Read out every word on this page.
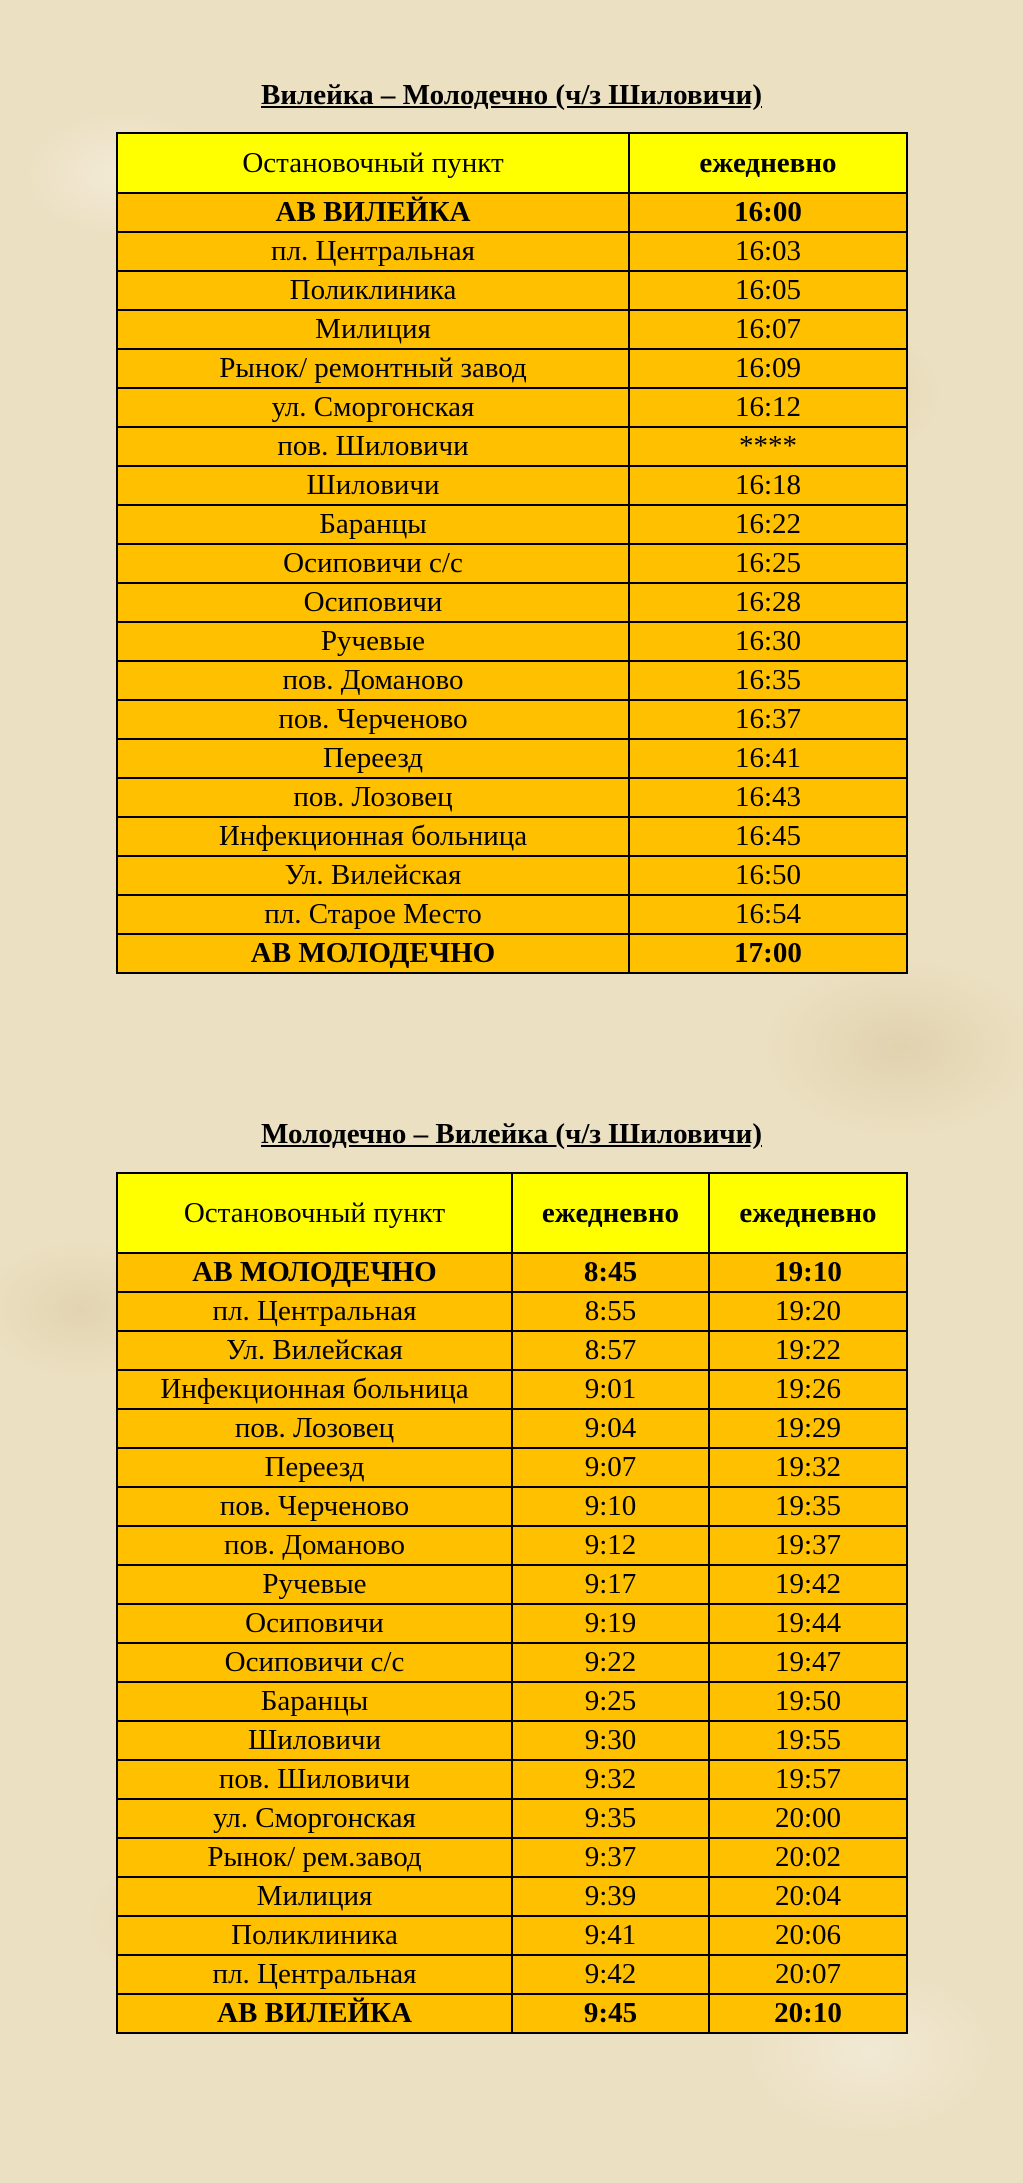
Вилейка – Молодечно (ч/з Шиловичи)
Остановочный пункт	ежедневно
АВ ВИЛЕЙКА	16:00
пл. Центральная	16:03
Поликлиника	16:05
Милиция	16:07
Рынок/ ремонтный завод	16:09
ул. Сморгонская	16:12
пов. Шиловичи	****
Шиловичи	16:18
Баранцы	16:22
Осиповичи с/с	16:25
Осиповичи	16:28
Ручевые	16:30
пов. Доманово	16:35
пов. Черченово	16:37
Переезд	16:41
пов. Лозовец	16:43
Инфекционная больница	16:45
Ул. Вилейская	16:50
пл. Старое Место	16:54
АВ МОЛОДЕЧНО	17:00
Молодечно – Вилейка (ч/з Шиловичи)
Остановочный пункт	ежедневно	ежедневно
АВ МОЛОДЕЧНО	8:45	19:10
пл. Центральная	8:55	19:20
Ул. Вилейская	8:57	19:22
Инфекционная больница	9:01	19:26
пов. Лозовец	9:04	19:29
Переезд	9:07	19:32
пов. Черченово	9:10	19:35
пов. Доманово	9:12	19:37
Ручевые	9:17	19:42
Осиповичи	9:19	19:44
Осиповичи с/с	9:22	19:47
Баранцы	9:25	19:50
Шиловичи	9:30	19:55
пов. Шиловичи	9:32	19:57
ул. Сморгонская	9:35	20:00
Рынок/ рем.завод	9:37	20:02
Милиция	9:39	20:04
Поликлиника	9:41	20:06
пл. Центральная	9:42	20:07
АВ ВИЛЕЙКА	9:45	20:10
